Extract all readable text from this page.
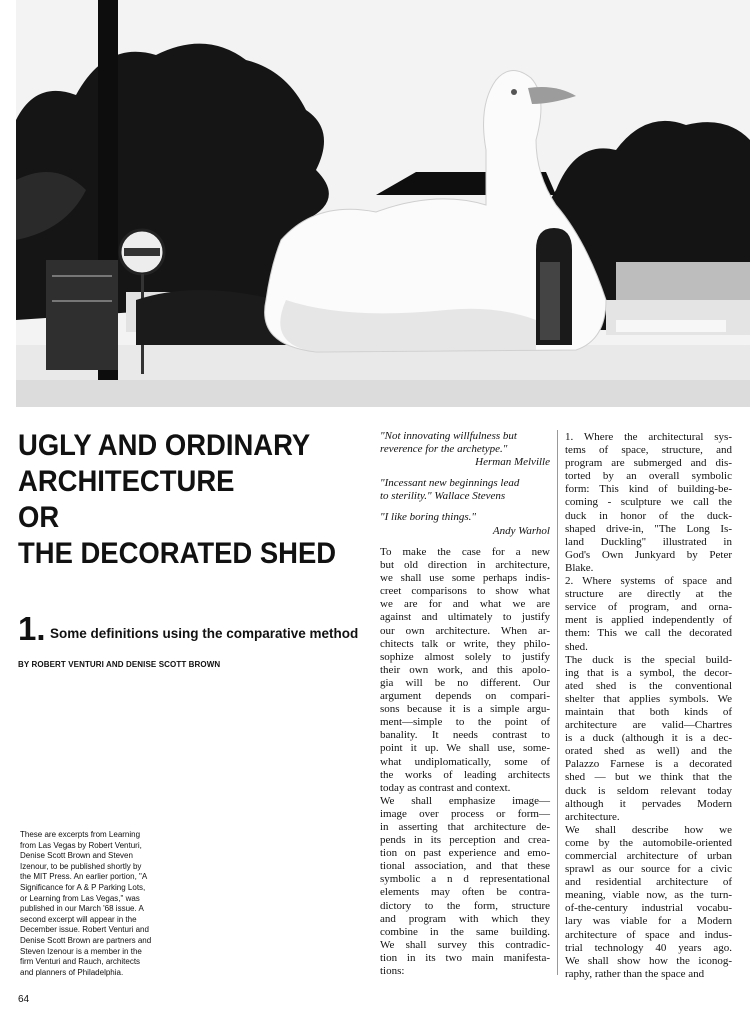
UGLY AND ORDINARY
ARCHITECTURE
OR
THE DECORATED SHED
1. Some definitions using the comparative method
BY ROBERT VENTURI AND DENISE SCOTT BROWN
These are excerpts from Learning
from Las Vegas by Robert Venturi,
Denise Scott Brown and Steven
Izenour, to be published shortly by
the MIT Press. An earlier portion, "A
Significance for A & P Parking Lots,
or Learning from Las Vegas," was
published in our March '68 issue. A
second excerpt will appear in the
December issue. Robert Venturi and
Denise Scott Brown are partners and
Steven Izenour is a member in the
firm Venturi and Rauch, architects
and planners of Philadelphia.
64
"Not innovating willfulness but
reverence for the archetype."
Herman Melville
"Incessant new beginnings lead
to sterility." Wallace Stevens
"I like boring things."
Andy Warhol
To make the case for a new
but old direction in architecture,
we shall use some perhaps indis-
creet comparisons to show what
we are for and what we are
against and ultimately to justify
our own architecture. When ar-
chitects talk or write, they philo-
sophize almost solely to justify
their own work, and this apolo-
gia will be no different. Our
argument depends on compari-
sons because it is a simple argu-
ment—simple to the point of
banality. It needs contrast to
point it up. We shall use, some-
what undiplomatically, some of
the works of leading architects
today as contrast and context.
We shall emphasize image—
image over process or form—
in asserting that architecture de-
pends in its perception and crea-
tion on past experience and emo-
tional association, and that these
symbolic a n d representational
elements may often be contra-
dictory to the form, structure
and program with which they
combine in the same building.
We shall survey this contradic-
tion in its two main manifesta-
tions:
1. Where the architectural sys-
tems of space, structure, and
program are submerged and dis-
torted by an overall symbolic
form: This kind of building-be-
coming - sculpture we call the
duck in honor of the duck-
shaped drive-in, "The Long Is-
land Duckling" illustrated in
God's Own Junkyard by Peter
Blake.
2. Where systems of space and
structure are directly at the
service of program, and orna-
ment is applied independently of
them: This we call the decorated
shed.
The duck is the special build-
ing that is a symbol, the decor-
ated shed is the conventional
shelter that applies symbols. We
maintain that both kinds of
architecture are valid—Chartres
is a duck (although it is a dec-
orated shed as well) and the
Palazzo Farnese is a decorated
shed — but we think that the
duck is seldom relevant today
although it pervades Modern
architecture.
We shall describe how we
come by the automobile-oriented
commercial architecture of urban
sprawl as our source for a civic
and residential architecture of
meaning, viable now, as the turn-
of-the-century industrial vocabu-
lary was viable for a Modern
architecture of space and indus-
trial technology 40 years ago.
We shall show how the iconog-
raphy, rather than the space and
